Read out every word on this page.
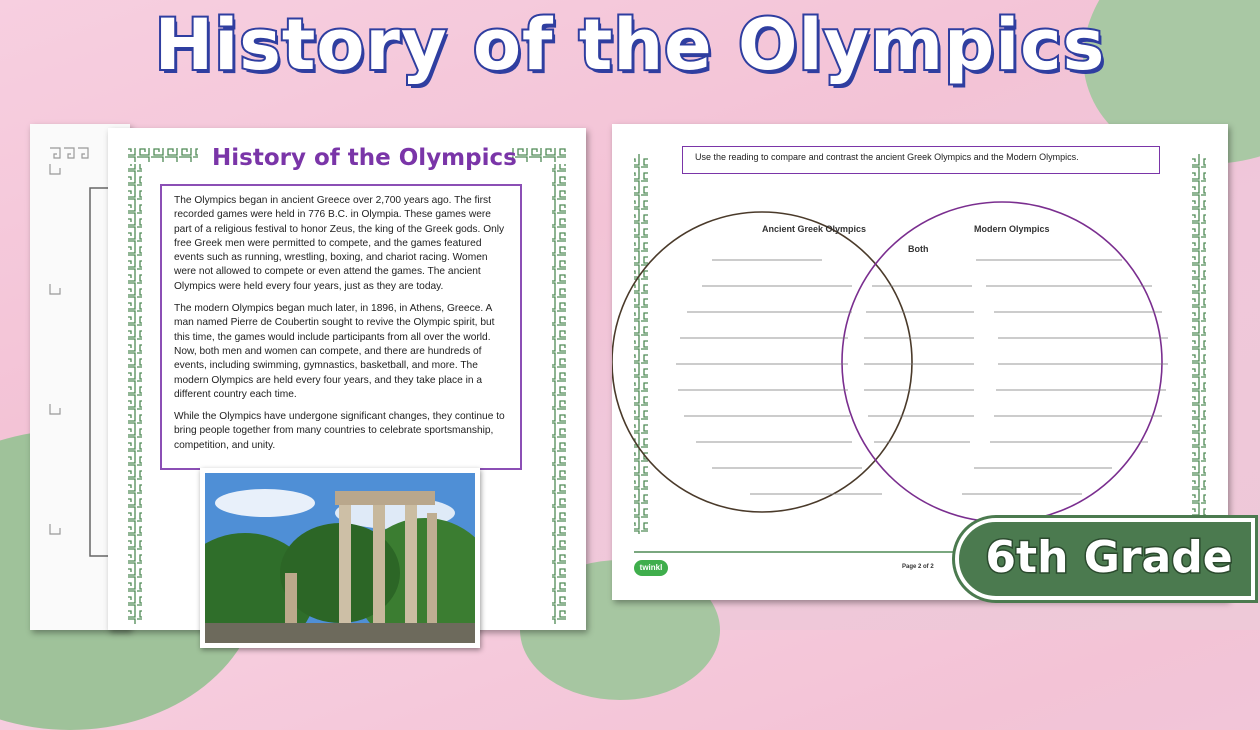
History of the Olympics

The Olympics began in ancient Greece over 2,700 years ago. The first recorded games were held in 776 B.C. in Olympia. These games were part of a religious festival to honor Zeus, the king of the Greek gods. Only free Greek men were permitted to compete, and the games featured events such as running, wrestling, boxing, and chariot racing. Women were not allowed to compete or even attend the games. The ancient Olympics were held every four years, just as they are today.

The modern Olympics began much later, in 1896, in Athens, Greece. A man named Pierre de Coubertin sought to revive the Olympic spirit, but this time, the games would include participants from all over the world. Now, both men and women can compete, and there are hundreds of events, including swimming, gymnastics, basketball, and more. The modern Olympics are held every four years, and they take place in a different country each time.

While the Olympics have undergone significant changes, they continue to bring people together from many countries to celebrate sportsmanship, competition, and unity.

Use the reading to compare and contrast the ancient Greek Olympics and the Modern Olympics.
Ancient Greek Olympics
Both
Modern Olympics
twinkl	Page 2 of 2
History of the Olympics
6th Grade
